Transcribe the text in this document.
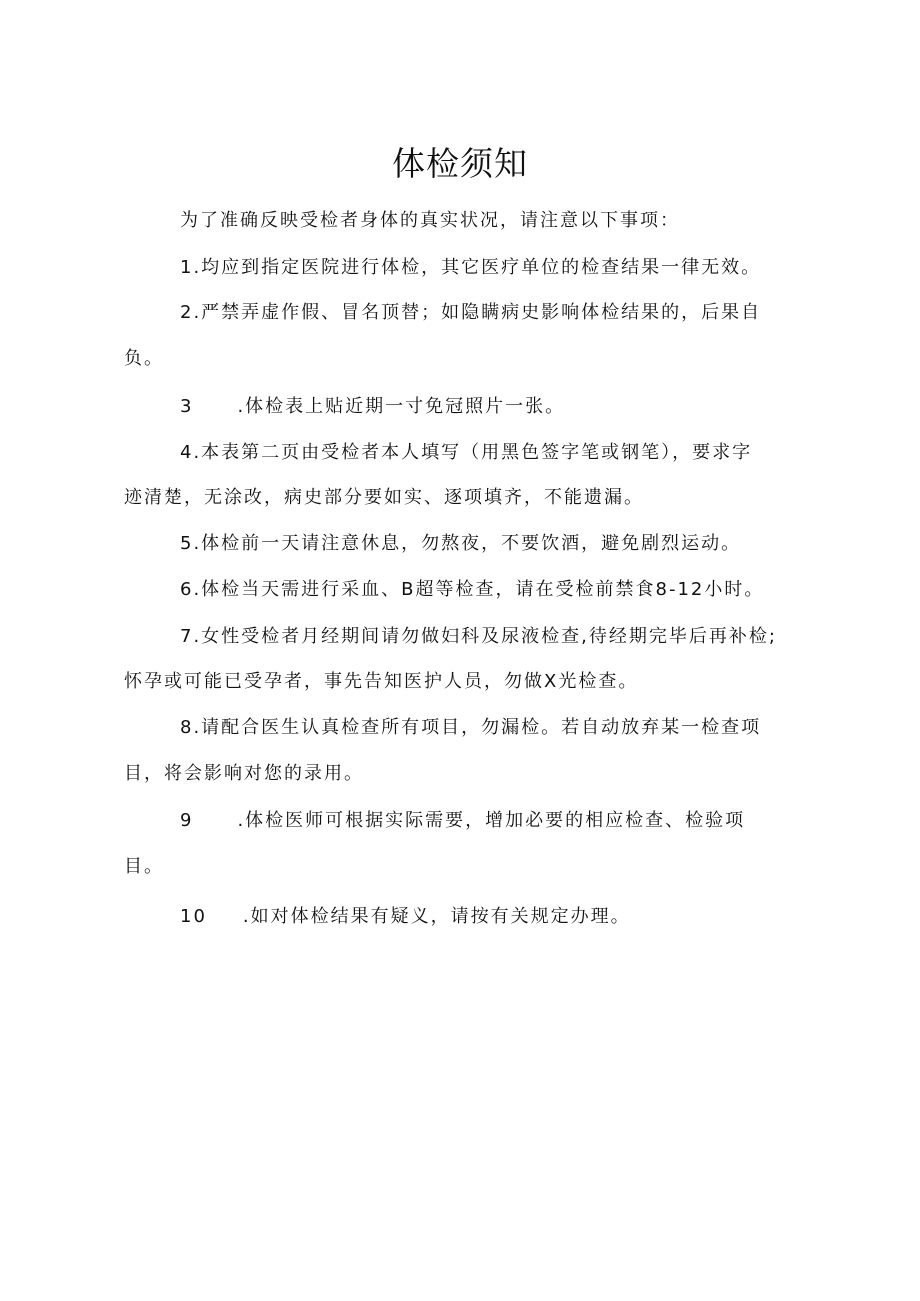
体检须知
为了准确反映受检者身体的真实状况，请注意以下事项：
1.均应到指定医院进行体检，其它医疗单位的检查结果一律无效。
2.严禁弄虚作假、冒名顶替；如隐瞒病史影响体检结果的，后果自
负。
3 .体检表上贴近期一寸免冠照片一张。
4.本表第二页由受检者本人填写（用黑色签字笔或钢笔），要求字
迹清楚，无涂改，病史部分要如实、逐项填齐，不能遗漏。
5.体检前一天请注意休息，勿熬夜，不要饮酒，避免剧烈运动。
6.体检当天需进行采血、B超等检查，请在受检前禁食8-12小时。
7.女性受检者月经期间请勿做妇科及尿液检查,待经期完毕后再补检;
怀孕或可能已受孕者，事先告知医护人员，勿做X光检查。
8.请配合医生认真检查所有项目，勿漏检。若自动放弃某一检查项
目，将会影响对您的录用。
9 .体检医师可根据实际需要，增加必要的相应检查、检验项
目。
10 .如对体检结果有疑义，请按有关规定办理。
